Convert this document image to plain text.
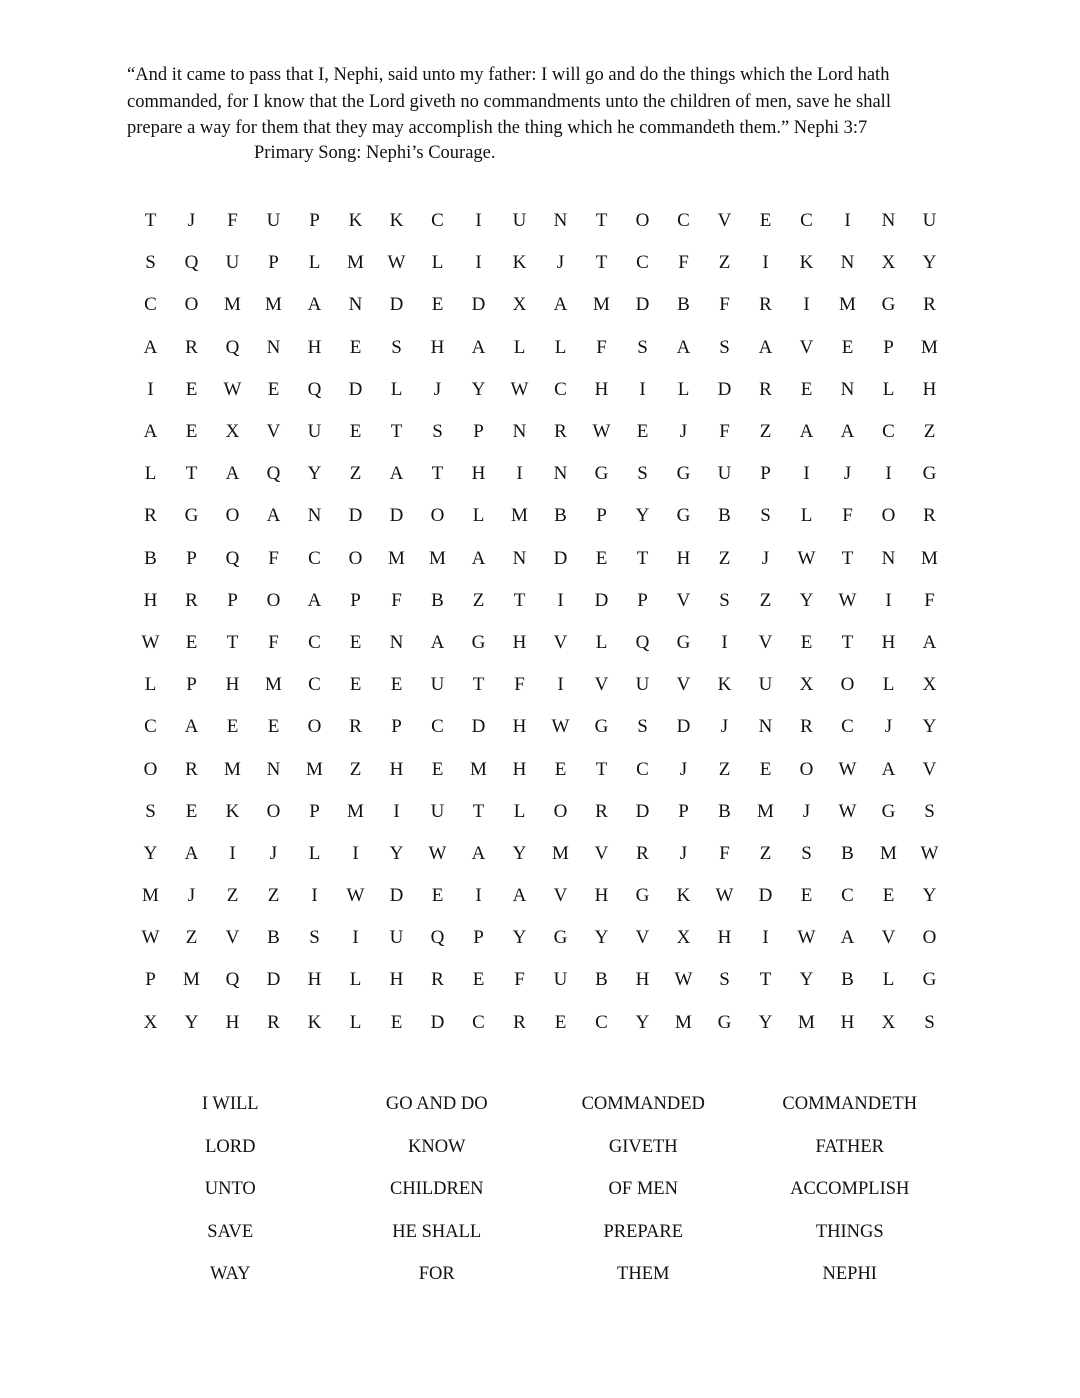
“And it came to pass that I, Nephi, said unto my father: I will go and do the things which the Lord hath

commanded, for I know that the Lord giveth no commandments unto the children of men, save he shall

prepare a way for them that they may accomplish the thing which he commandeth them.” Nephi 3:7

Primary Song: Nephi’s Courage.
T	J	F	U	P	K	K	C	I	U	N	T	O	C	V	E	C	I	N	U
S	Q	U	P	L	M	W	L	I	K	J	T	C	F	Z	I	K	N	X	Y
C	O	M	M	A	N	D	E	D	X	A	M	D	B	F	R	I	M	G	R
A	R	Q	N	H	E	S	H	A	L	L	F	S	A	S	A	V	E	P	M
I	E	W	E	Q	D	L	J	Y	W	C	H	I	L	D	R	E	N	L	H
A	E	X	V	U	E	T	S	P	N	R	W	E	J	F	Z	A	A	C	Z
L	T	A	Q	Y	Z	A	T	H	I	N	G	S	G	U	P	I	J	I	G
R	G	O	A	N	D	D	O	L	M	B	P	Y	G	B	S	L	F	O	R
B	P	Q	F	C	O	M	M	A	N	D	E	T	H	Z	J	W	T	N	M
H	R	P	O	A	P	F	B	Z	T	I	D	P	V	S	Z	Y	W	I	F
W	E	T	F	C	E	N	A	G	H	V	L	Q	G	I	V	E	T	H	A
L	P	H	M	C	E	E	U	T	F	I	V	U	V	K	U	X	O	L	X
C	A	E	E	O	R	P	C	D	H	W	G	S	D	J	N	R	C	J	Y
O	R	M	N	M	Z	H	E	M	H	E	T	C	J	Z	E	O	W	A	V
S	E	K	O	P	M	I	U	T	L	O	R	D	P	B	M	J	W	G	S
Y	A	I	J	L	I	Y	W	A	Y	M	V	R	J	F	Z	S	B	M	W
M	J	Z	Z	I	W	D	E	I	A	V	H	G	K	W	D	E	C	E	Y
W	Z	V	B	S	I	U	Q	P	Y	G	Y	V	X	H	I	W	A	V	O
P	M	Q	D	H	L	H	R	E	F	U	B	H	W	S	T	Y	B	L	G
X	Y	H	R	K	L	E	D	C	R	E	C	Y	M	G	Y	M	H	X	S
I WILL	GO AND DO	COMMANDED	COMMANDETH
LORD	KNOW	GIVETH	FATHER
UNTO	CHILDREN	OF MEN	ACCOMPLISH
SAVE	HE SHALL	PREPARE	THINGS
WAY	FOR	THEM	NEPHI
